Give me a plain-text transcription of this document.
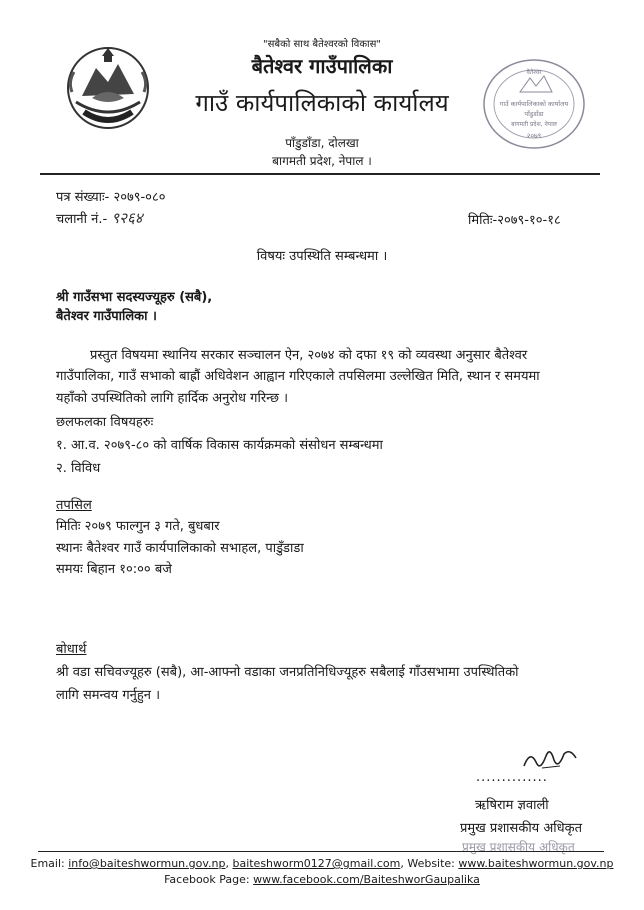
वैतेश्वर
गाउँ कार्यपालिकाको कार्यालय
पाँडुडाँडा
बागमती प्रदेश, नेपाल
२०७९
"सबैको साथ बैतेश्वरको विकास"
बैतेश्वर गाउँपालिका
गाउँ कार्यपालिकाको कार्यालय
पाँडुडाँडा, दोलखा
बागमती प्रदेश, नेपाल ।
पत्र संख्याः- २०७९-०८०
चलानी नं.- ९२६४	मितिः-२०७९-१०-१८
विषयः उपस्थिति सम्बन्धमा ।
श्री गाउँसभा सदस्यज्यूहरु (सबै),
बैतेश्वर गाउँपालिका ।
प्रस्तुत विषयमा स्थानिय सरकार सञ्चालन ऐन, २०७४ को दफा १९ को व्यवस्था अनुसार बैतेश्वर
गाउँपालिका, गाउँ सभाको बाह्रौं अधिवेशन आह्वान गरिएकाले तपसिलमा उल्लेखित मिति, स्थान र समयमा
यहाँको उपस्थितिको लागि हार्दिक अनुरोध गरिन्छ ।
छलफलका विषयहरुः
१. आ.व. २०७९-८० को वार्षिक विकास कार्यक्रमको संसोधन सम्बन्धमा
२. विविध
तपसिल
मितिः २०७९ फाल्गुन ३ गते, बुधबार
स्थानः बैतेश्वर गाउँ कार्यपालिकाको सभाहल, पाडुँडाडा
समयः बिहान १०:०० बजे
बोधार्थ
श्री वडा सचिवज्यूहरु (सबै), आ-आफ्नो वडाका जनप्रतिनिधिज्यूहरु सबैलाई गाँउसभामा उपस्थितिको
लागि समन्वय गर्नुहुन ।
..............
ऋषिराम ज्ञवाली
प्रमुख प्रशासकीय अधिकृत
प्रमुख प्रशासकीय अधिकृत
Email: info@baiteshwormun.gov.np, baiteshworm0127@gmail.com, Website: www.baiteshwormun.gov.np
Facebook Page: www.facebook.com/BaiteshworGaupalika
